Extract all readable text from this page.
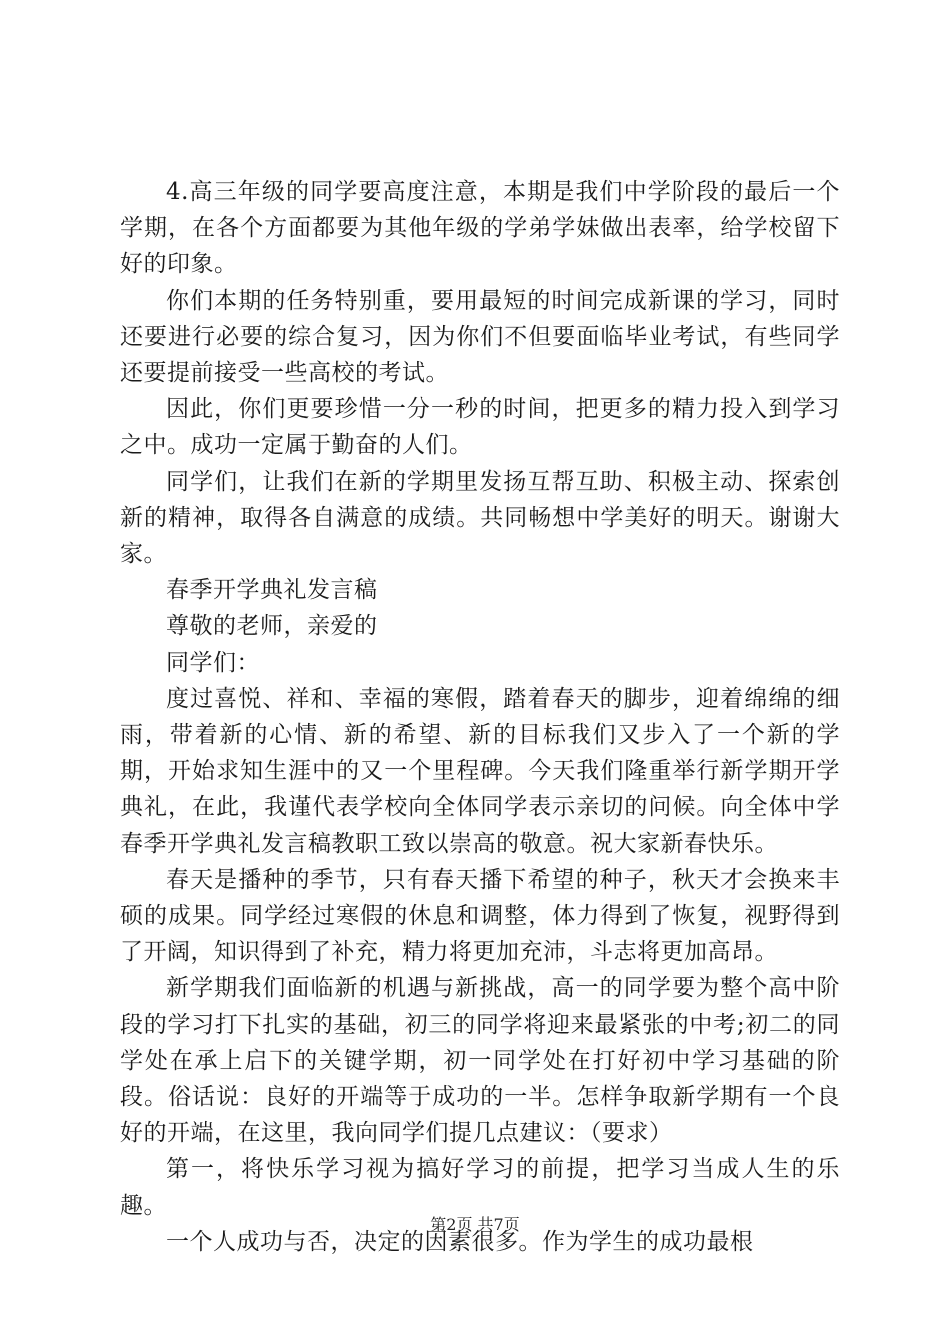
4.高三年级的同学要高度注意，本期是我们中学阶段的最后一个学期，在各个方面都要为其他年级的学弟学妹做出表率，给学校留下好的印象。

你们本期的任务特别重，要用最短的时间完成新课的学习，同时还要进行必要的综合复习，因为你们不但要面临毕业考试，有些同学还要提前接受一些高校的考试。

因此，你们更要珍惜一分一秒的时间，把更多的精力投入到学习之中。成功一定属于勤奋的人们。

同学们，让我们在新的学期里发扬互帮互助、积极主动、探索创新的精神，取得各自满意的成绩。共同畅想中学美好的明天。谢谢大家。

春季开学典礼发言稿

尊敬的老师，亲爱的

同学们：

度过喜悦、祥和、幸福的寒假，踏着春天的脚步，迎着绵绵的细雨，带着新的心情、新的希望、新的目标我们又步入了一个新的学期，开始求知生涯中的又一个里程碑。今天我们隆重举行新学期开学典礼，在此，我谨代表学校向全体同学表示亲切的问候。向全体中学春季开学典礼发言稿教职工致以崇高的敬意。祝大家新春快乐。

春天是播种的季节，只有春天播下希望的种子，秋天才会换来丰硕的成果。同学经过寒假的休息和调整，体力得到了恢复，视野得到了开阔，知识得到了补充，精力将更加充沛，斗志将更加高昂。

新学期我们面临新的机遇与新挑战，高一的同学要为整个高中阶段的学习打下扎实的基础，初三的同学将迎来最紧张的中考;初二的同学处在承上启下的关键学期，初一同学处在打好初中学习基础的阶段。俗话说：良好的开端等于成功的一半。怎样争取新学期有一个良好的开端，在这里，我向同学们提几点建议：（要求）

第一，将快乐学习视为搞好学习的前提，把学习当成人生的乐趣。

一个人成功与否，决定的因素很多。作为学生的成功最根

第2页 共7页
